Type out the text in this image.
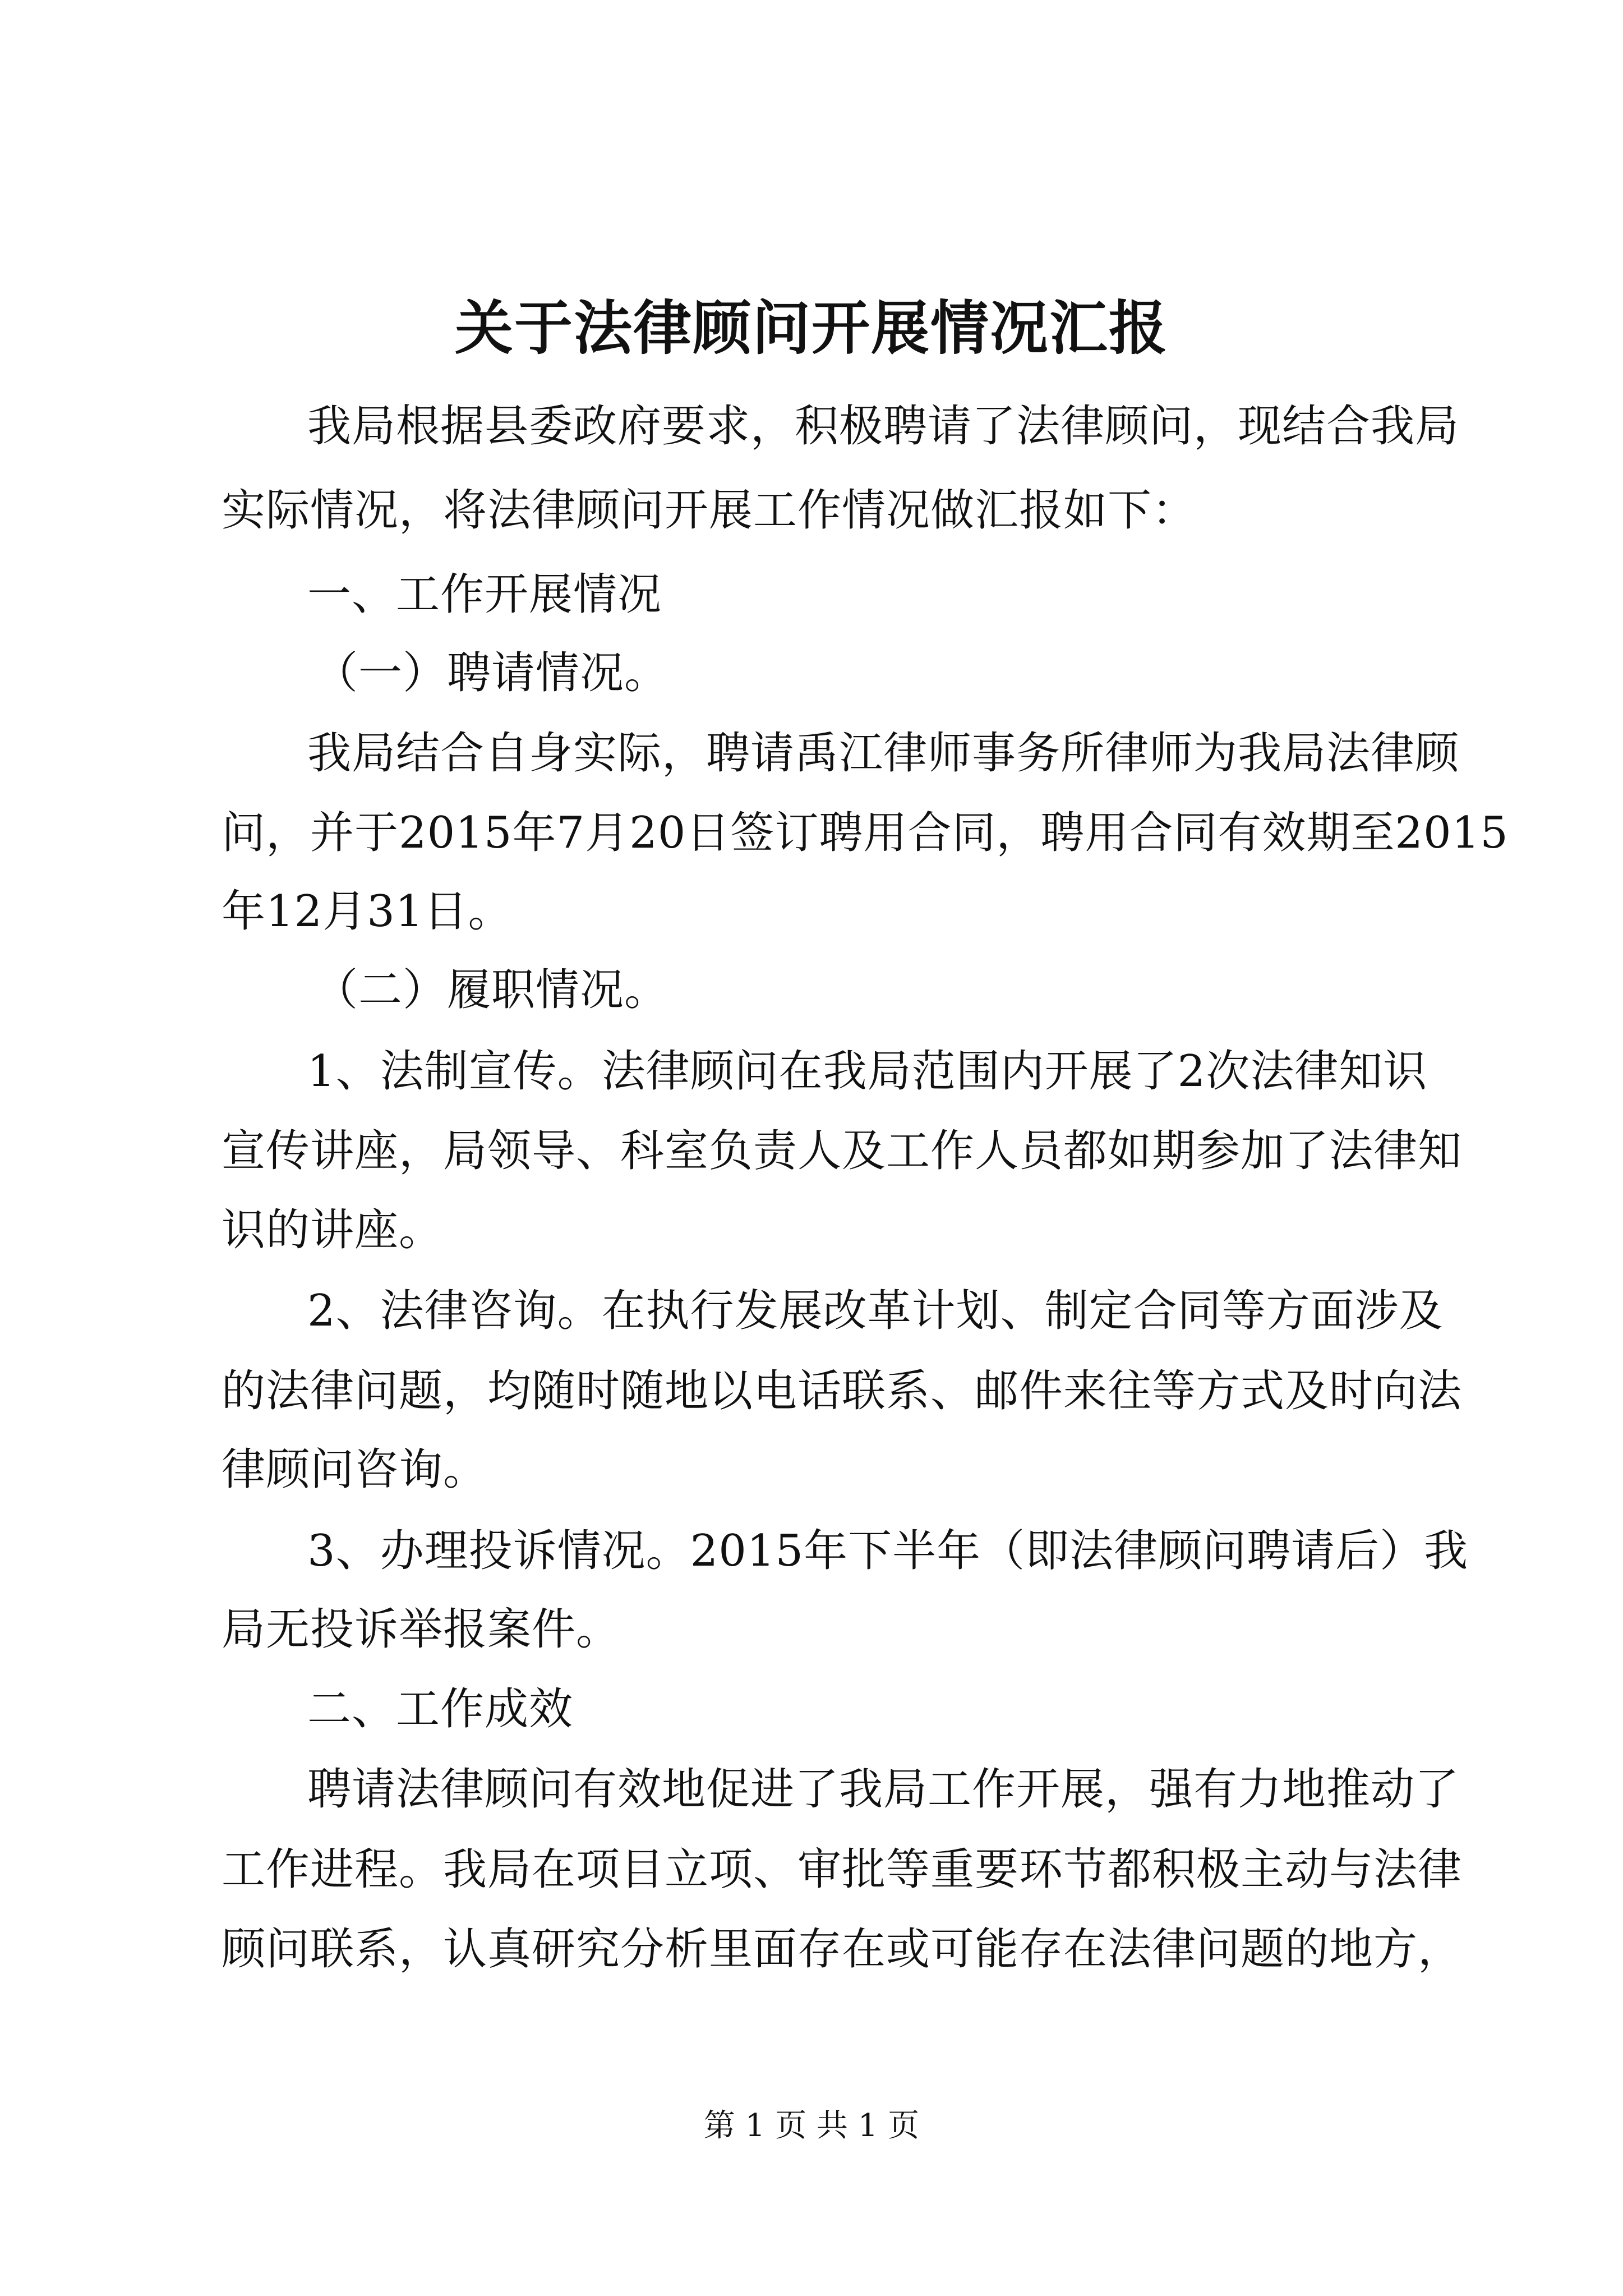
关于法律顾问开展情况汇报
我局根据县委政府要求，积极聘请了法律顾问，现结合我局
实际情况，将法律顾问开展工作情况做汇报如下：
一、工作开展情况
（一）聘请情况。
我局结合自身实际，聘请禹江律师事务所律师为我局法律顾
问，并于2015年7月20日签订聘用合同，聘用合同有效期至2015
年12月31日。
（二）履职情况。
1、法制宣传。法律顾问在我局范围内开展了2次法律知识
宣传讲座，局领导、科室负责人及工作人员都如期参加了法律知
识的讲座。
2、法律咨询。在执行发展改革计划、制定合同等方面涉及
的法律问题，均随时随地以电话联系、邮件来往等方式及时向法
律顾问咨询。
3、办理投诉情况。2015年下半年（即法律顾问聘请后）我
局无投诉举报案件。
二、工作成效
聘请法律顾问有效地促进了我局工作开展，强有力地推动了
工作进程。我局在项目立项、审批等重要环节都积极主动与法律
顾问联系，认真研究分析里面存在或可能存在法律问题的地方，
第 1 页 共 1 页
